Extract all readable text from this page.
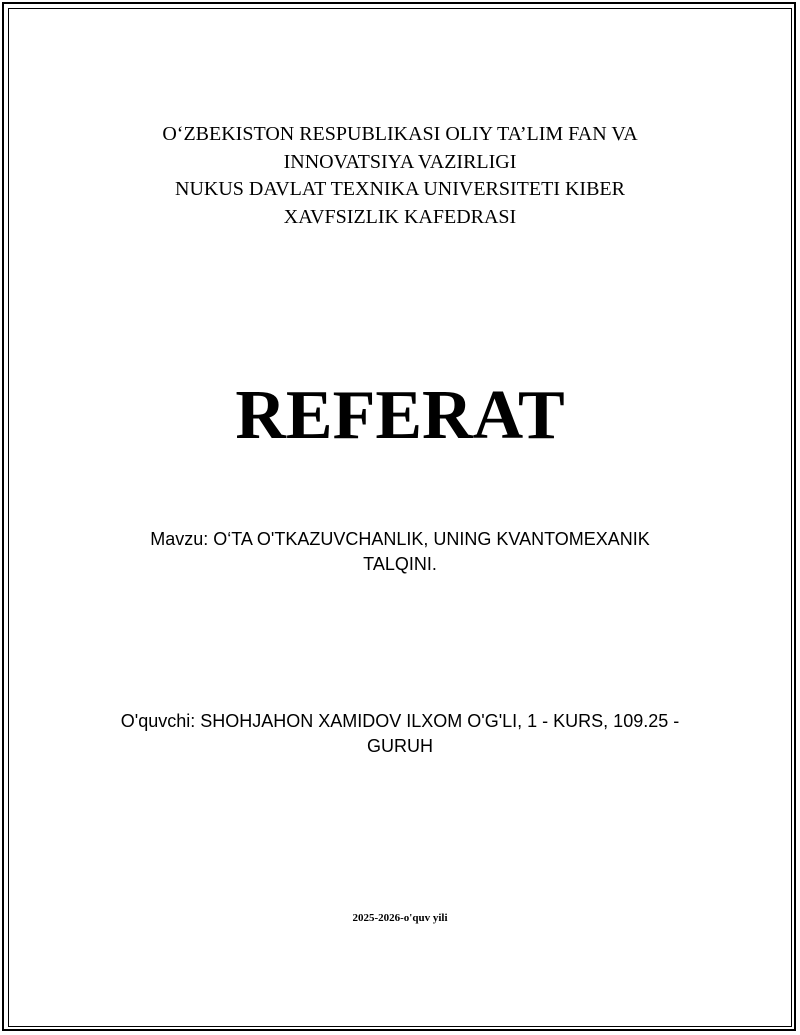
O‘ZBEKISTON RESPUBLIKASI OLIY TA’LIM FAN VA
INNOVATSIYA VAZIRLIGI
NUKUS DAVLAT TEXNIKA UNIVERSITETI KIBER
XAVFSIZLIK KAFEDRASI
REFERAT
Mavzu: O‘TA O'TKAZUVCHANLIK, UNING KVANTOMEXANIK
TALQINI.
O'quvchi: SHOHJAHON XAMIDOV ILXOM O'G'LI, 1 - KURS, 109.25 -
GURUH
2025-2026-o'quv yili
